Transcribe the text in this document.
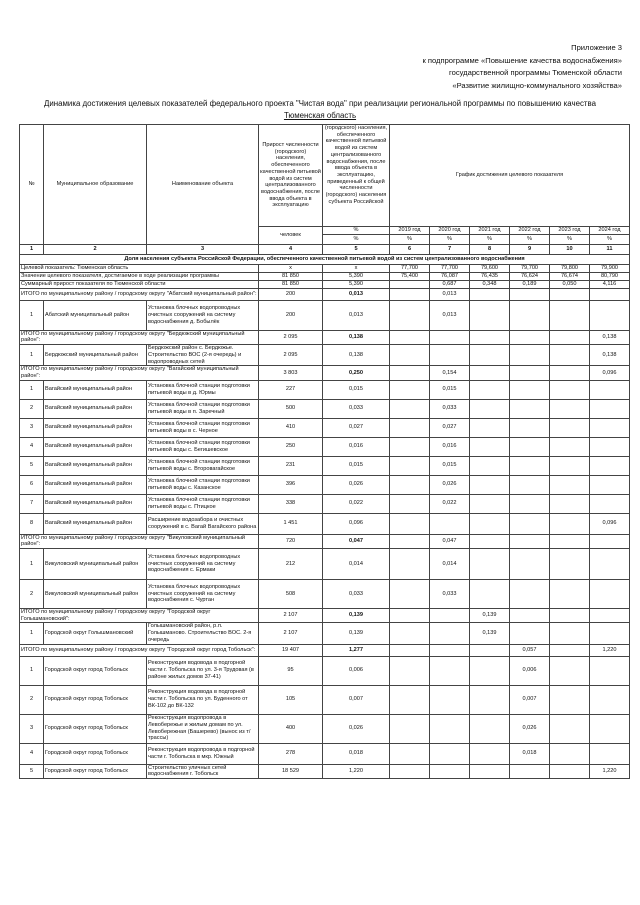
Приложение 3
к подпрограмме «Повышение качества водоснабжения»
государственной программы Тюменской области
«Развитие жилищно-коммунального хозяйства»
Динамика достижения целевых показателей федерального проекта "Чистая вода" при реализации региональной программы по повышению качества
Тюменская область
№	Муниципальное образование	Наименование объекта	Прирост численности (городского) населения, обеспеченного качественной питьевой водой из систем централизованного водоснабжения, после ввода объекта в эксплуатацию	(городского) населения, обеспеченного качественной питьевой водой из систем централизованного водоснабжения, после ввода объекта в эксплуатацию, приведенный к общей численности (городского) населения субъекта Российской	График достижения целевого показателя					
			человек	%	2019 год	2020 год	2021 год	2022 год	2023 год	2024 год
				%	%	%	%	%	%	%
1	2	3	4	5	6	7	8	9	10	11
Доля населения субъекта Российской Федерации, обеспеченного качественной питьевой водой из систем централизованного водоснабжения										
Целевой показатель: Тюменская область			х	х	77,700	77,700	79,600	79,700	79,800	79,900
Значение целевого показателя, достигаемое в ходе реализации программы			81 850	5,390	75,400	76,087	76,435	76,624	76,674	80,790
Суммарный прирост показателя по Тюменской области			81 850	5,390		0,687	0,348	0,189	0,050	4,116
ИТОГО по муниципальному району / городскому округу "Абатский муниципальный район":			200	0,013		0,013				
1	Абатский муниципальный район	Установка блочных водопроводных очистных сооружений на систему водоснабжения д. Бобылёк	200	0,013		0,013				
ИТОГО по муниципальному району / городскому округу "Бердюжский муниципальный район":			2 095	0,138						0,138
1	Бердюжский муниципальный район	Бердюжский район с. Бердюжье. Строительство ВОС (2-я очередь) и водопроводных сетей	2 095	0,138						0,138
ИТОГО по муниципальному району / городскому округу "Вагайский муниципальный район":			3 803	0,250		0,154				0,096
1	Вагайский муниципальный район	Установка блочной станции подготовки питьевой воды в д. Юрмы	227	0,015		0,015				
2	Вагайский муниципальный район	Установка блочной станции подготовки питьевой воды в п. Заречный	500	0,033		0,033				
3	Вагайский муниципальный район	Установка блочной станции подготовки питьевой воды в с. Черное	410	0,027		0,027				
4	Вагайский муниципальный район	Установка блочной станции подготовки питьевой воды с. Бегишевское	250	0,016		0,016				
5	Вагайский муниципальный район	Установка блочной станции подготовки питьевой воды с. Второвагайское	231	0,015		0,015				
6	Вагайский муниципальный район	Установка блочной станции подготовки питьевой воды с. Казанское	396	0,026		0,026				
7	Вагайский муниципальный район	Установка блочной станции подготовки питьевой воды с. Птицкое	338	0,022		0,022				
8	Вагайский муниципальный район	Расширение водозабора и очистных сооружений в с. Вагай Вагайского района	1 451	0,096						0,096
ИТОГО по муниципальному району / городскому округу "Викуловский муниципальный район":			720	0,047		0,047				
1	Викуловский муниципальный район	Установка блочных водопроводных очистных сооружений на систему водоснабжения с. Ермаки	212	0,014		0,014				
2	Викуловский муниципальный район	Установка блочных водопроводных очистных сооружений на систему водоснабжения с. Чуртан	508	0,033		0,033				
ИТОГО по муниципальному району / городскому округу "Городской округ Голышмановский":			2 107	0,139			0,139			
1	Городской округ Голышмановский	Голышмановский район, р.п.
Голышманово. Строительство ВОС. 2-я очередь	2 107	0,139			0,139			
ИТОГО по муниципальному району / городскому округу "Городской округ город Тобольск":			19 407	1,277				0,057		1,220
1	Городской округ город Тобольск	Реконструкция водовода в подгорной части г. Тобольска по ул. 3-я Трудовая (в районе жилых домов 37-41)	95	0,006				0,006		
2	Городской округ город Тобольск	Реконструкция водовода в подгорной части г. Тобольска по ул. Буденного от ВК-102 до ВК-132	105	0,007				0,007		
3	Городской округ город Тобольск	Реконструкция водопровода в Левобережье и жилым домам по ул. Левобережная (Башерево) (вынос из т/трассы)	400	0,026				0,026		
4	Городской округ город Тобольск	Реконструкция водопровода в подгорной части г. Тобольска в мкр. Южный	278	0,018				0,018		
5	Городской округ город Тобольск	Строительство уличных сетей водоснабжения г. Тобольск	18 529	1,220						1,220
